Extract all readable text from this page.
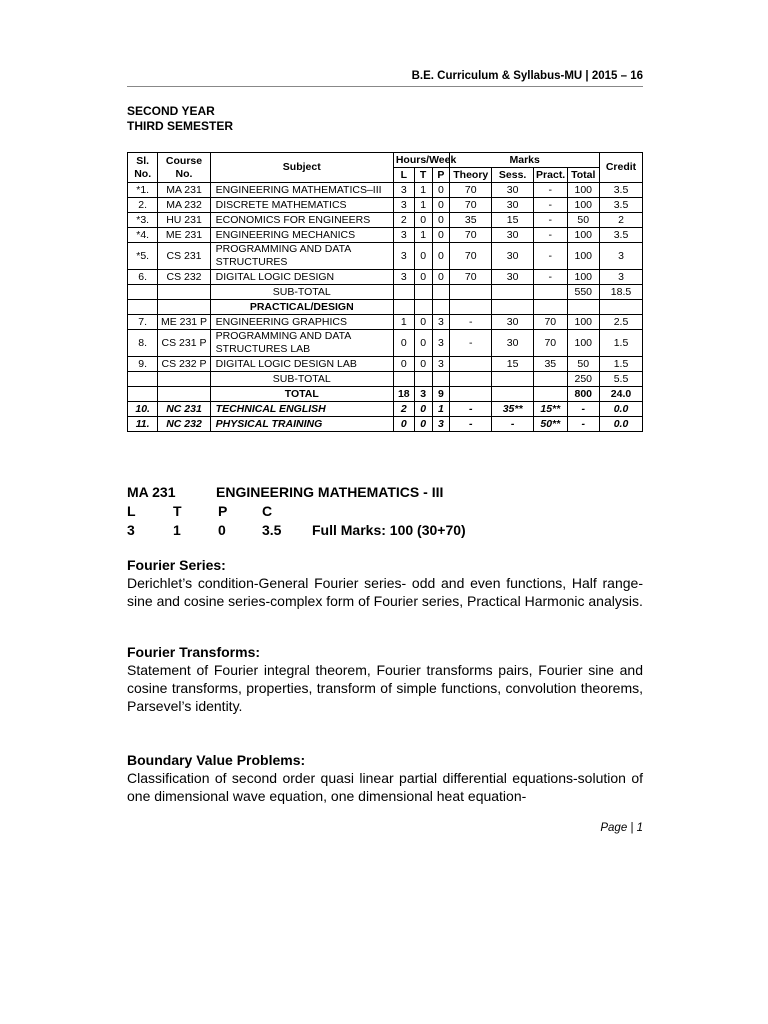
B.E. Curriculum & Syllabus-MU | 2015 – 16
SECOND YEAR
THIRD SEMESTER
Sl. No.	Course No.	Subject	Hours/Week			Marks				Credit
			L	T	P	Theory	Sess.	Pract.	Total	
*1.	MA 231	ENGINEERING MATHEMATICS–III	3	1	0	70	30	-	100	3.5
2.	MA 232	DISCRETE MATHEMATICS	3	1	0	70	30	-	100	3.5
*3.	HU 231	ECONOMICS FOR ENGINEERS	2	0	0	35	15	-	50	2
*4.	ME 231	ENGINEERING MECHANICS	3	1	0	70	30	-	100	3.5
*5.	CS 231	PROGRAMMING AND DATA STRUCTURES	3	0	0	70	30	-	100	3
6.	CS 232	DIGITAL LOGIC DESIGN	3	0	0	70	30	-	100	3
		SUB-TOTAL							550	18.5
		PRACTICAL/DESIGN								
7.	ME 231 P	ENGINEERING GRAPHICS	1	0	3	-	30	70	100	2.5
8.	CS 231 P	PROGRAMMING AND DATA STRUCTURES LAB	0	0	3	-	30	70	100	1.5
9.	CS 232 P	DIGITAL LOGIC DESIGN LAB	0	0	3		15	35	50	1.5
		SUB-TOTAL							250	5.5
		TOTAL	18	3	9				800	24.0
10.	NC 231	TECHNICAL ENGLISH	2	0	1	-	35**	15**	-	0.0
11.	NC 232	PHYSICAL TRAINING	0	0	3	-	-	50**	-	0.0
MA 231	ENGINEERING MATHEMATICS - III
L	T	P C
3	1	0	3.5 Full Marks: 100 (30+70)
Fourier Series:

Derichlet’s condition-General Fourier series- odd and even functions, Half range-sine and cosine series-complex form of Fourier series, Practical Harmonic analysis.

Fourier Transforms:

Statement of Fourier integral theorem, Fourier transforms pairs, Fourier sine and cosine transforms, properties, transform of simple functions, convolution theorems, Parsevel’s identity.

Boundary Value Problems:

Classification of second order quasi linear partial differential equations-solution of one dimensional wave equation, one dimensional heat equation-

Page | 1
